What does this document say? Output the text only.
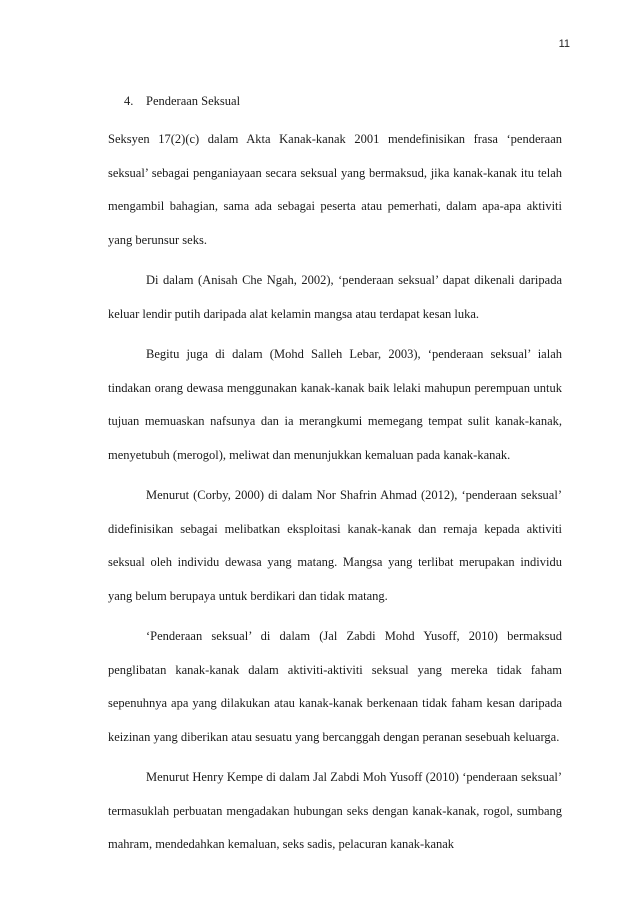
11
4. Penderaan Seksual

Seksyen 17(2)(c) dalam Akta Kanak-kanak 2001 mendefinisikan frasa ‘penderaan seksual’ sebagai penganiayaan secara seksual yang bermaksud, jika kanak-kanak itu telah mengambil bahagian, sama ada sebagai peserta atau pemerhati, dalam apa-apa aktiviti yang berunsur seks.

Di dalam (Anisah Che Ngah, 2002), ‘penderaan seksual’ dapat dikenali daripada keluar lendir putih daripada alat kelamin mangsa atau terdapat kesan luka.

Begitu juga di dalam (Mohd Salleh Lebar, 2003), ‘penderaan seksual’ ialah tindakan orang dewasa menggunakan kanak-kanak baik lelaki mahupun perempuan untuk tujuan memuaskan nafsunya dan ia merangkumi memegang tempat sulit kanak-kanak, menyetubuh (merogol), meliwat dan menunjukkan kemaluan pada kanak-kanak.

Menurut (Corby, 2000) di dalam Nor Shafrin Ahmad (2012), ‘penderaan seksual’ didefinisikan sebagai melibatkan eksploitasi kanak-kanak dan remaja kepada aktiviti seksual oleh individu dewasa yang matang. Mangsa yang terlibat merupakan individu yang belum berupaya untuk berdikari dan tidak matang.

‘Penderaan seksual’ di dalam (Jal Zabdi Mohd Yusoff, 2010) bermaksud penglibatan kanak-kanak dalam aktiviti-aktiviti seksual yang mereka tidak faham sepenuhnya apa yang dilakukan atau kanak-kanak berkenaan tidak faham kesan daripada keizinan yang diberikan atau sesuatu yang bercanggah dengan peranan sesebuah keluarga.

Menurut Henry Kempe di dalam Jal Zabdi Moh Yusoff (2010) ‘penderaan seksual’ termasuklah perbuatan mengadakan hubungan seks dengan kanak-kanak, rogol, sumbang mahram, mendedahkan kemaluan, seks sadis, pelacuran kanak-kanak
